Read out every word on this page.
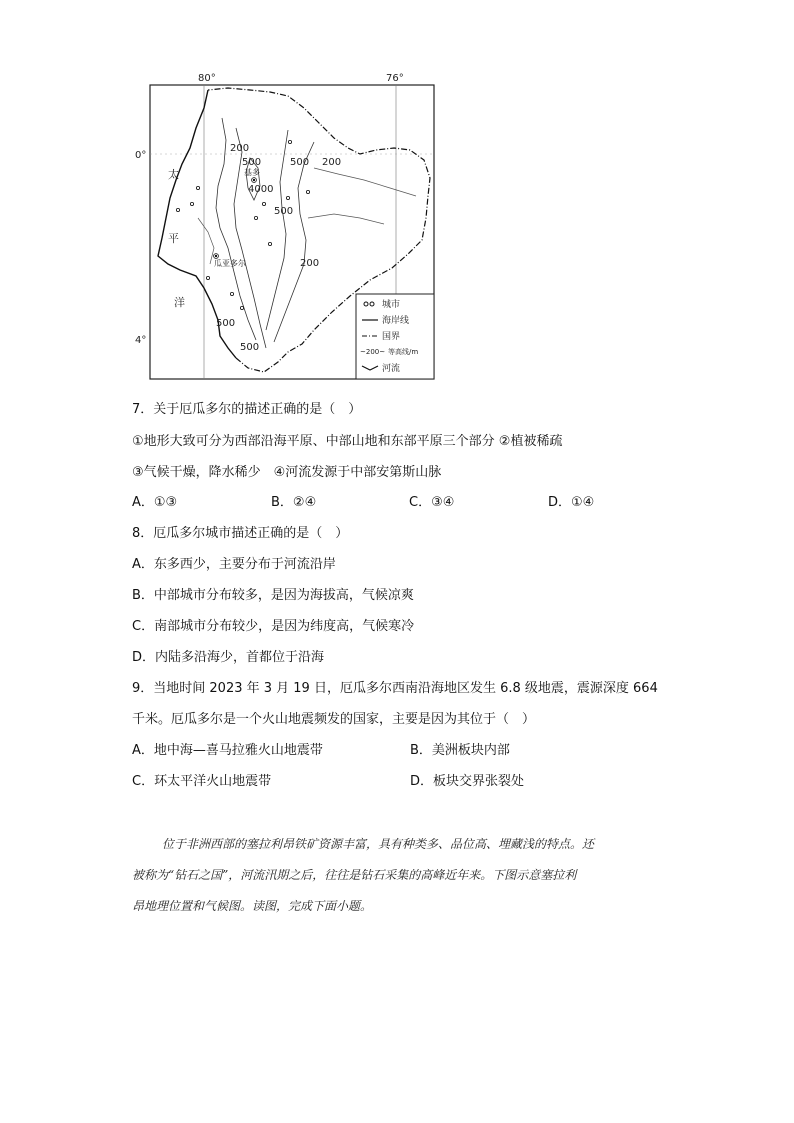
80°	76°
0°
4°
200
500	500 200
4000
500
200
500
500
太
平
洋
基多
瓜亚多尔
城市
海岸线
国界
~200~ 等高线/m
河流
7．关于厄瓜多尔的描述正确的是（　）
①地形大致可分为西部沿海平原、中部山地和东部平原三个部分 ②植被稀疏
③气候干燥，降水稀少　④河流发源于中部安第斯山脉
A．①③	B．②④	C．③④	D．①④
8．厄瓜多尔城市描述正确的是（　）
A．东多西少，主要分布于河流沿岸
B．中部城市分布较多，是因为海拔高，气候凉爽
C．南部城市分布较少，是因为纬度高，气候寒冷
D．内陆多沿海少，首都位于沿海
9．当地时间 2023 年 3 月 19 日，厄瓜多尔西南沿海地区发生 6.8 级地震，震源深度 664
千米。厄瓜多尔是一个火山地震频发的国家，主要是因为其位于（　）
A．地中海—喜马拉雅火山地震带	B．美洲板块内部
C．环太平洋火山地震带	D．板块交界张裂处
位于非洲西部的塞拉利昂铁矿资源丰富，具有种类多、品位高、埋藏浅的特点。还
被称为“钻石之国”，河流汛期之后，往往是钻石采集的高峰近年来。下图示意塞拉利
昂地理位置和气候图。读图，完成下面小题。
